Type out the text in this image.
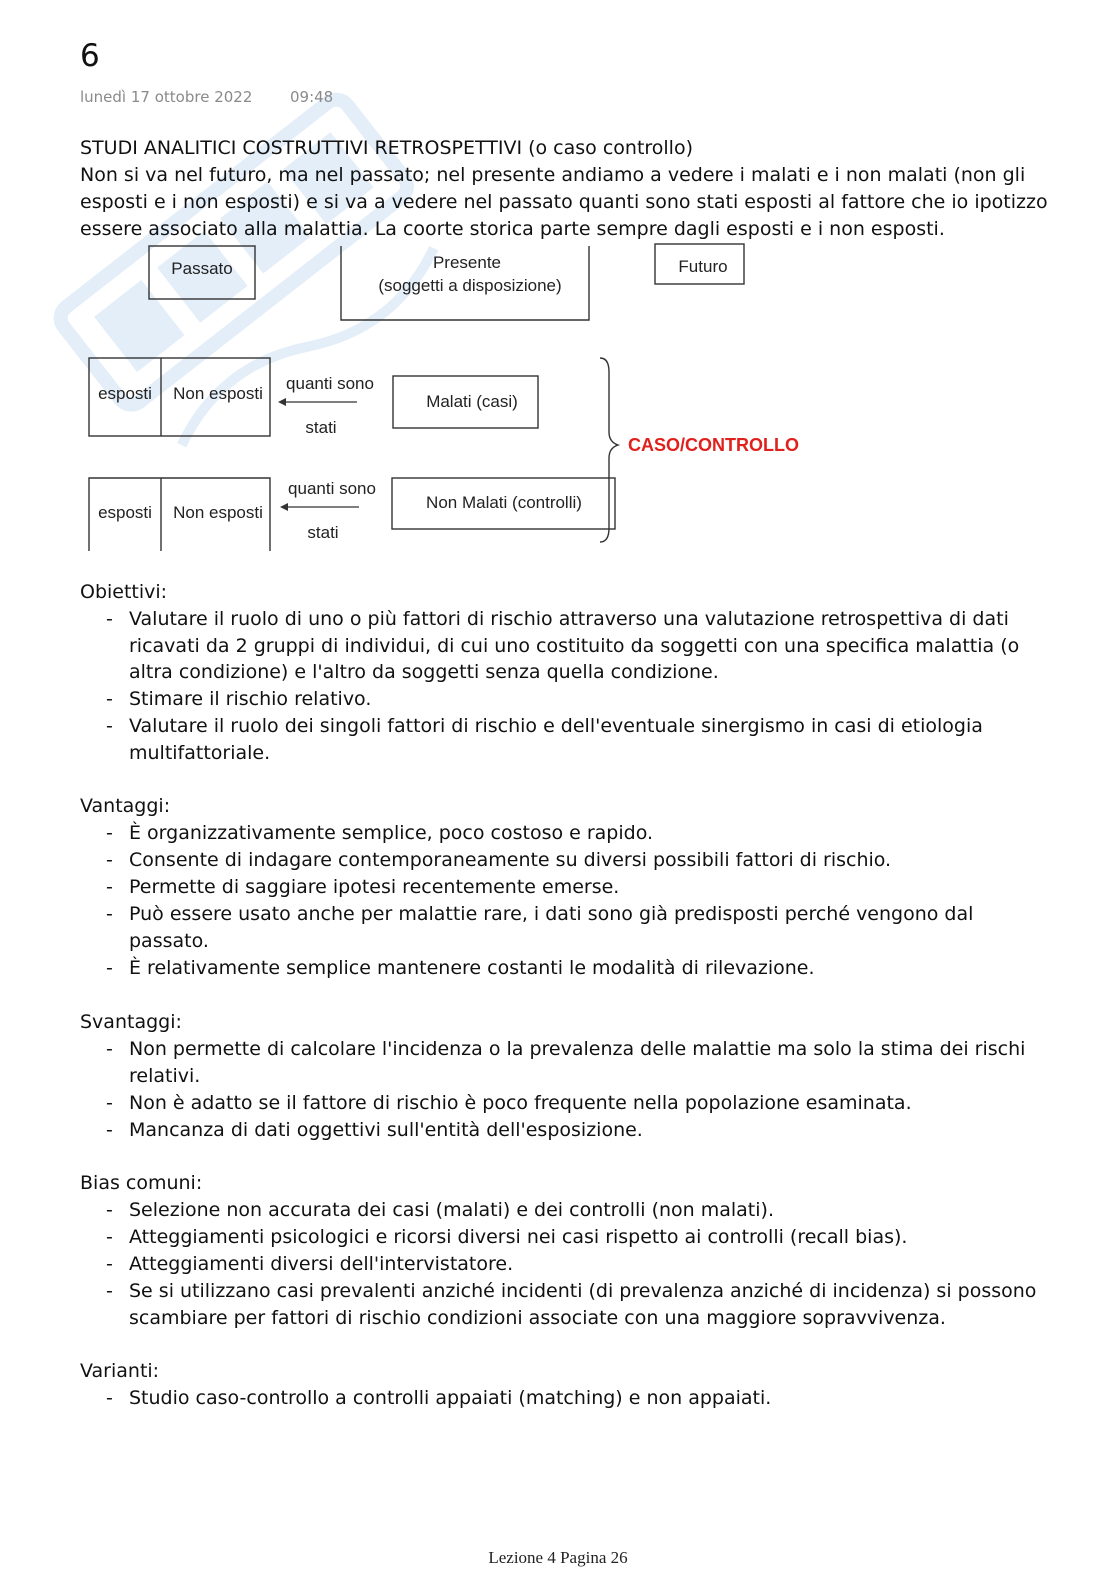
6
lunedì 17 ottobre 2022	09:48
STUDI ANALITICI COSTRUTTIVI RETROSPETTIVI (o caso controllo)
Non si va nel futuro, ma nel passato; nel presente andiamo a vedere i malati e i non malati (non gli
esposti e i non esposti) e si va a vedere nel passato quanti sono stati esposti al fattore che io ipotizzo
essere associato alla malattia. La coorte storica parte sempre dagli esposti e i non esposti.
Passato	Presente
(soggetti a disposizione)
Futuro
esposti Non esposti
quanti sono
stati
Malati (casi)
esposti Non esposti
quanti sono
stati
Non Malati (controlli)
CASO/CONTROLLO
Obiettivi:
- Valutare il ruolo di uno o più fattori di rischio attraverso una valutazione retrospettiva di dati
ricavati da 2 gruppi di individui, di cui uno costituito da soggetti con una specifica malattia (o
altra condizione) e l'altro da soggetti senza quella condizione.
- Stimare il rischio relativo.
- Valutare il ruolo dei singoli fattori di rischio e dell'eventuale sinergismo in casi di etiologia
multifattoriale.
Vantaggi:
- È organizzativamente semplice, poco costoso e rapido.
- Consente di indagare contemporaneamente su diversi possibili fattori di rischio.
- Permette di saggiare ipotesi recentemente emerse.
- Può essere usato anche per malattie rare, i dati sono già predisposti perché vengono dal
passato.
- È relativamente semplice mantenere costanti le modalità di rilevazione.
Svantaggi:
- Non permette di calcolare l'incidenza o la prevalenza delle malattie ma solo la stima dei rischi
relativi.
- Non è adatto se il fattore di rischio è poco frequente nella popolazione esaminata.
- Mancanza di dati oggettivi sull'entità dell'esposizione.
Bias comuni:
- Selezione non accurata dei casi (malati) e dei controlli (non malati).
- Atteggiamenti psicologici e ricorsi diversi nei casi rispetto ai controlli (recall bias).
- Atteggiamenti diversi dell'intervistatore.
- Se si utilizzano casi prevalenti anziché incidenti (di prevalenza anziché di incidenza) si possono
scambiare per fattori di rischio condizioni associate con una maggiore sopravvivenza.
Varianti:
- Studio caso-controllo a controlli appaiati (matching) e non appaiati.
Lezione 4 Pagina 26
